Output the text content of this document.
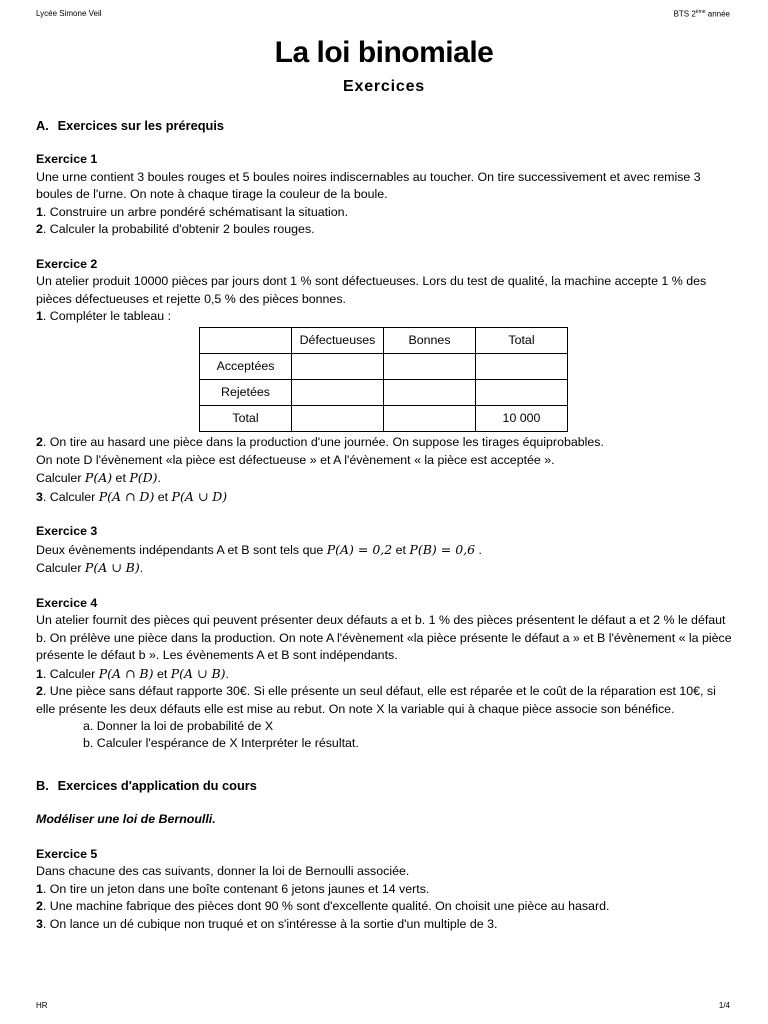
Lycée Simone Veil	BTS 2ème année
La loi binomiale
Exercices
A. Exercices sur les prérequis

Exercice 1

Une urne contient 3 boules rouges et 5 boules noires indiscernables au toucher. On tire successivement et avec remise 3 boules de l'urne. On note à chaque tirage la couleur de la boule.

1. Construire un arbre pondéré schématisant la situation.

2. Calculer la probabilité d'obtenir 2 boules rouges.

Exercice 2

Un atelier produit 10000 pièces par jours dont 1 % sont défectueuses. Lors du test de qualité, la machine accepte 1 % des pièces défectueuses et rejette 0,5 % des pièces bonnes.

1. Compléter le tableau :

	Défectueuses	Bonnes	Total
Acceptées			
Rejetées			
Total			10 000

2. On tire au hasard une pièce dans la production d'une journée. On suppose les tirages équiprobables.

On note D l'évènement «la pièce est défectueuse » et A l'évènement « la pièce est acceptée ».

Calculer P(A) et P(D).

3. Calculer P(A ∩ D) et P(A ∪ D)

Exercice 3

Deux évènements indépendants A et B sont tels que P(A) = 0,2 et P(B) = 0,6 .

Calculer P(A ∪ B).

Exercice 4

Un atelier fournit des pièces qui peuvent présenter deux défauts a et b. 1 % des pièces présentent le défaut a et 2 % le défaut b. On prélève une pièce dans la production. On note A l'évènement «la pièce présente le défaut a » et B l'évènement « la pièce présente le défaut b ». Les évènements A et B sont indépendants.

1. Calculer P(A ∩ B) et P(A ∪ B).

2. Une pièce sans défaut rapporte 30€. Si elle présente un seul défaut, elle est réparée et le coût de la réparation est 10€, si elle présente les deux défauts elle est mise au rebut. On note X la variable qui à chaque pièce associe son bénéfice.

a. Donner la loi de probabilité de X

b. Calculer l'espérance de X Interpréter le résultat.

B. Exercices d'application du cours

Modéliser une loi de Bernoulli.

Exercice 5

Dans chacune des cas suivants, donner la loi de Bernoulli associée.

1. On tire un jeton dans une boîte contenant 6 jetons jaunes et 14 verts.

2. Une machine fabrique des pièces dont 90 % sont d'excellente qualité. On choisit une pièce au hasard.

3. On lance un dé cubique non truqué et on s'intéresse à la sortie d'un multiple de 3.

HR	1/4
